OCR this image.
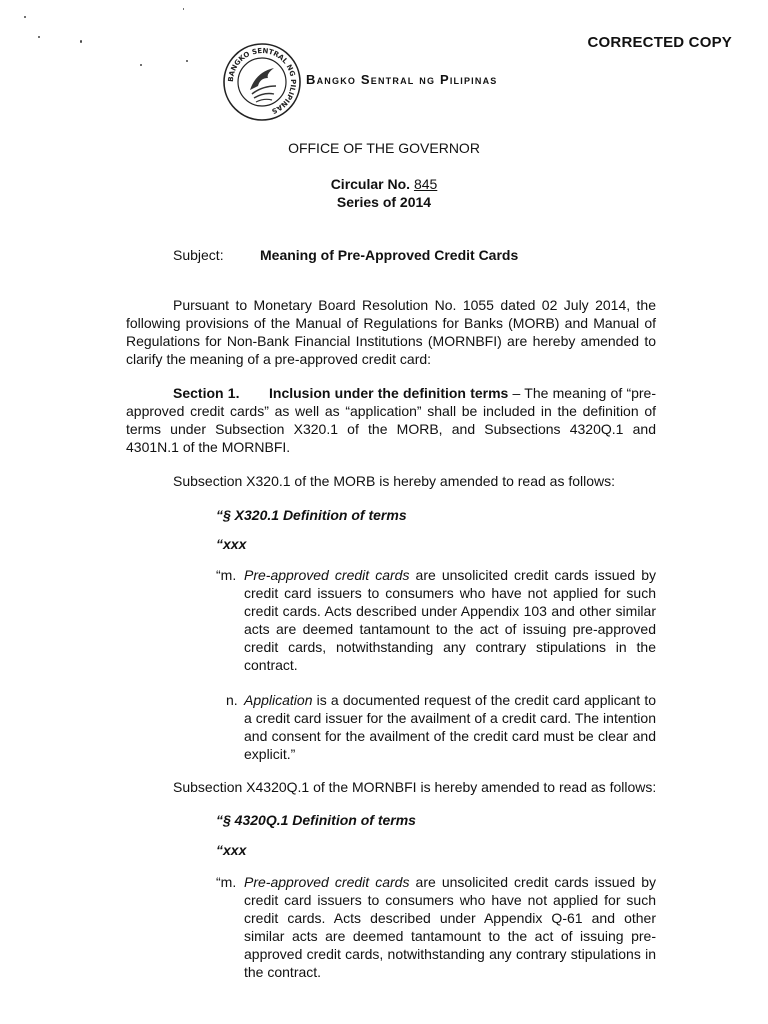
CORRECTED COPY
BANGKO SENTRAL NG PILIPINAS
Bangko Sentral ng Pilipinas
OFFICE OF THE GOVERNOR
Circular No. 845
Series of 2014
Subject:	Meaning of Pre-Approved Credit Cards
Pursuant to Monetary Board Resolution No. 1055 dated 02 July 2014, the following provisions of the Manual of Regulations for Banks (MORB) and Manual of Regulations for Non-Bank Financial Institutions (MORNBFI) are hereby amended to clarify the meaning of a pre-approved credit card:
Section 1. Inclusion under the definition terms – The meaning of “pre-approved credit cards” as well as “application” shall be included in the definition of terms under Subsection X320.1 of the MORB, and Subsections 4320Q.1 and 4301N.1 of the MORNBFI.
Subsection X320.1 of the MORB is hereby amended to read as follows:
“§ X320.1 Definition of terms
“xxx
“m. Pre-approved credit cards are unsolicited credit cards issued by credit card issuers to consumers who have not applied for such credit cards. Acts described under Appendix 103 and other similar acts are deemed tantamount to the act of issuing pre-approved credit cards, notwithstanding any contrary stipulations in the contract.
n. Application is a documented request of the credit card applicant to a credit card issuer for the availment of a credit card. The intention and consent for the availment of the credit card must be clear and explicit.”
Subsection X4320Q.1 of the MORNBFI is hereby amended to read as follows:
“§ 4320Q.1 Definition of terms
“xxx
“m. Pre-approved credit cards are unsolicited credit cards issued by credit card issuers to consumers who have not applied for such credit cards. Acts described under Appendix Q-61 and other similar acts are deemed tantamount to the act of issuing pre-approved credit cards, notwithstanding any contrary stipulations in the contract.
